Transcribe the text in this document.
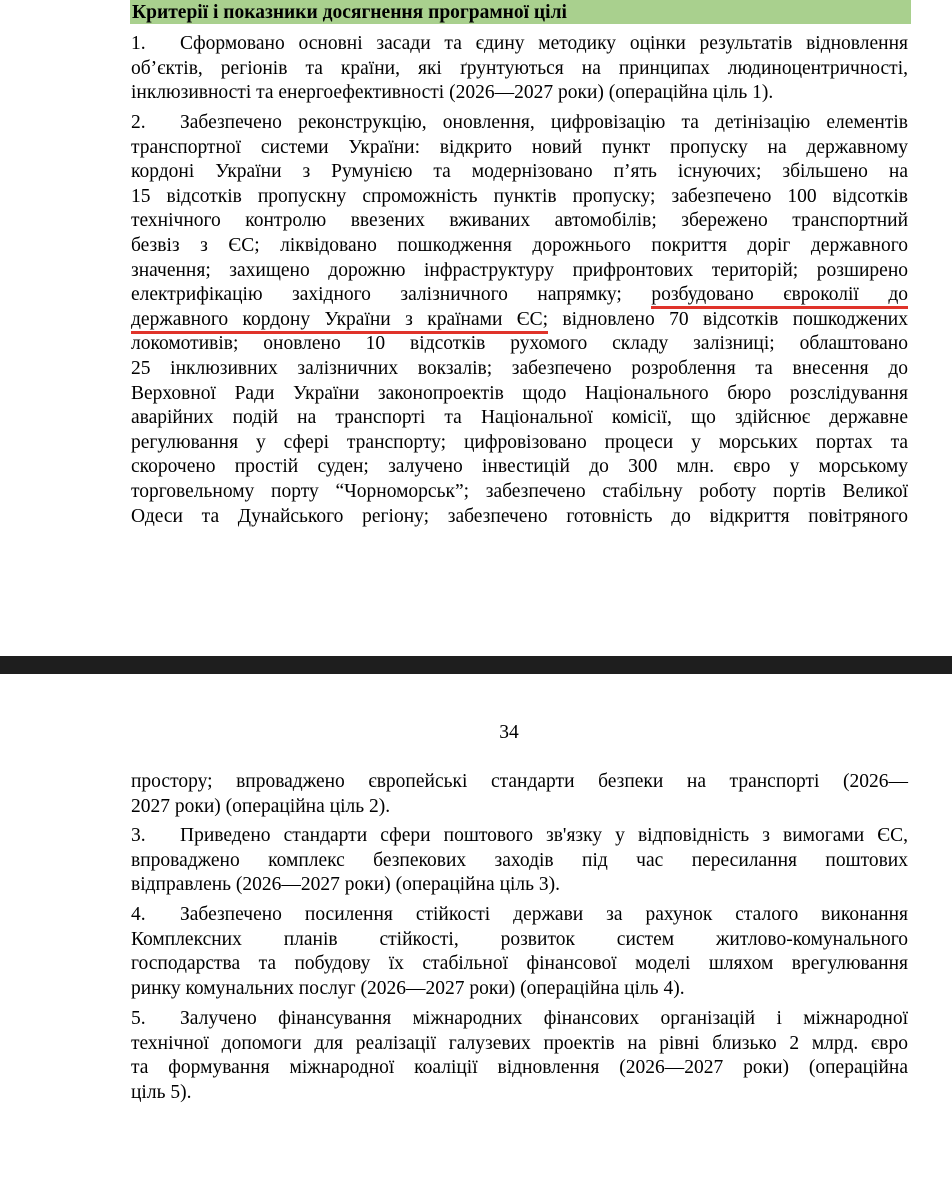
Критерії і показники досягнення програмної цілі
1. Сформовано основні засади та єдину методику оцінки результатів відновлення
об’єктів, регіонів та країни, які ґрунтуються на принципах людиноцентричності,
інклюзивності та енергоефективності (2026—2027 роки) (операційна ціль 1).
2. Забезпечено реконструкцію, оновлення, цифровізацію та детінізацію елементів
транспортної системи України: відкрито новий пункт пропуску на державному
кордоні України з Румунією та модернізовано п’ять існуючих; збільшено на
15 відсотків пропускну спроможність пунктів пропуску; забезпечено 100 відсотків
технічного контролю ввезених вживаних автомобілів; збережено транспортний
безвіз з ЄС; ліквідовано пошкодження дорожнього покриття доріг державного
значення; захищено дорожню інфраструктуру прифронтових територій; розширено
електрифікацію західного залізничного напрямку; розбудовано євроколії до
державного кордону України з країнами ЄС; відновлено 70 відсотків пошкоджених
локомотивів; оновлено 10 відсотків рухомого складу залізниці; облаштовано
25 інклюзивних залізничних вокзалів; забезпечено розроблення та внесення до
Верховної Ради України законопроектів щодо Національного бюро розслідування
аварійних подій на транспорті та Національної комісії, що здійснює державне
регулювання у сфері транспорту; цифровізовано процеси у морських портах та
скорочено простій суден; залучено інвестицій до 300 млн. євро у морському
торговельному порту “Чорноморськ”; забезпечено стабільну роботу портів Великої
Одеси та Дунайського регіону; забезпечено готовність до відкриття повітряного
34
простору; впроваджено європейські стандарти безпеки на транспорті (2026—
2027 роки) (операційна ціль 2).
3. Приведено стандарти сфери поштового зв'язку у відповідність з вимогами ЄС,
впроваджено комплекс безпекових заходів під час пересилання поштових
відправлень (2026—2027 роки) (операційна ціль 3).
4. Забезпечено посилення стійкості держави за рахунок сталого виконання
Комплексних планів стійкості, розвиток систем житлово-комунального
господарства та побудову їх стабільної фінансової моделі шляхом врегулювання
ринку комунальних послуг (2026—2027 роки) (операційна ціль 4).
5. Залучено фінансування міжнародних фінансових організацій і міжнародної
технічної допомоги для реалізації галузевих проектів на рівні близько 2 млрд. євро
та формування міжнародної коаліції відновлення (2026—2027 роки) (операційна
ціль 5).
